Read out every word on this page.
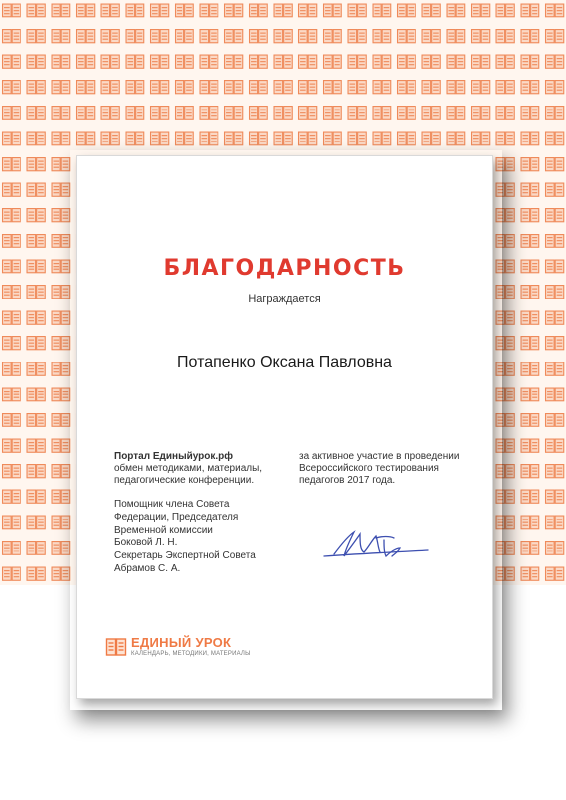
БЛАГОДАРНОСТЬ
Награждается
Потапенко Оксана Павловна
Портал Единыйурок.рф
обмен методиками, материалы, педагогические конференции.
за активное участие в проведении Всероссийского тестирования педагогов 2017 года.
Помощник члена Совета
Федерации, Председателя
Временной комиссии
Боковой Л. Н.
Секретарь Экспертной Совета
Абрамов С. А.
ЕДИНЫЙ УРОК
КАЛЕНДАРЬ, МЕТОДИКИ, МАТЕРИАЛЫ
